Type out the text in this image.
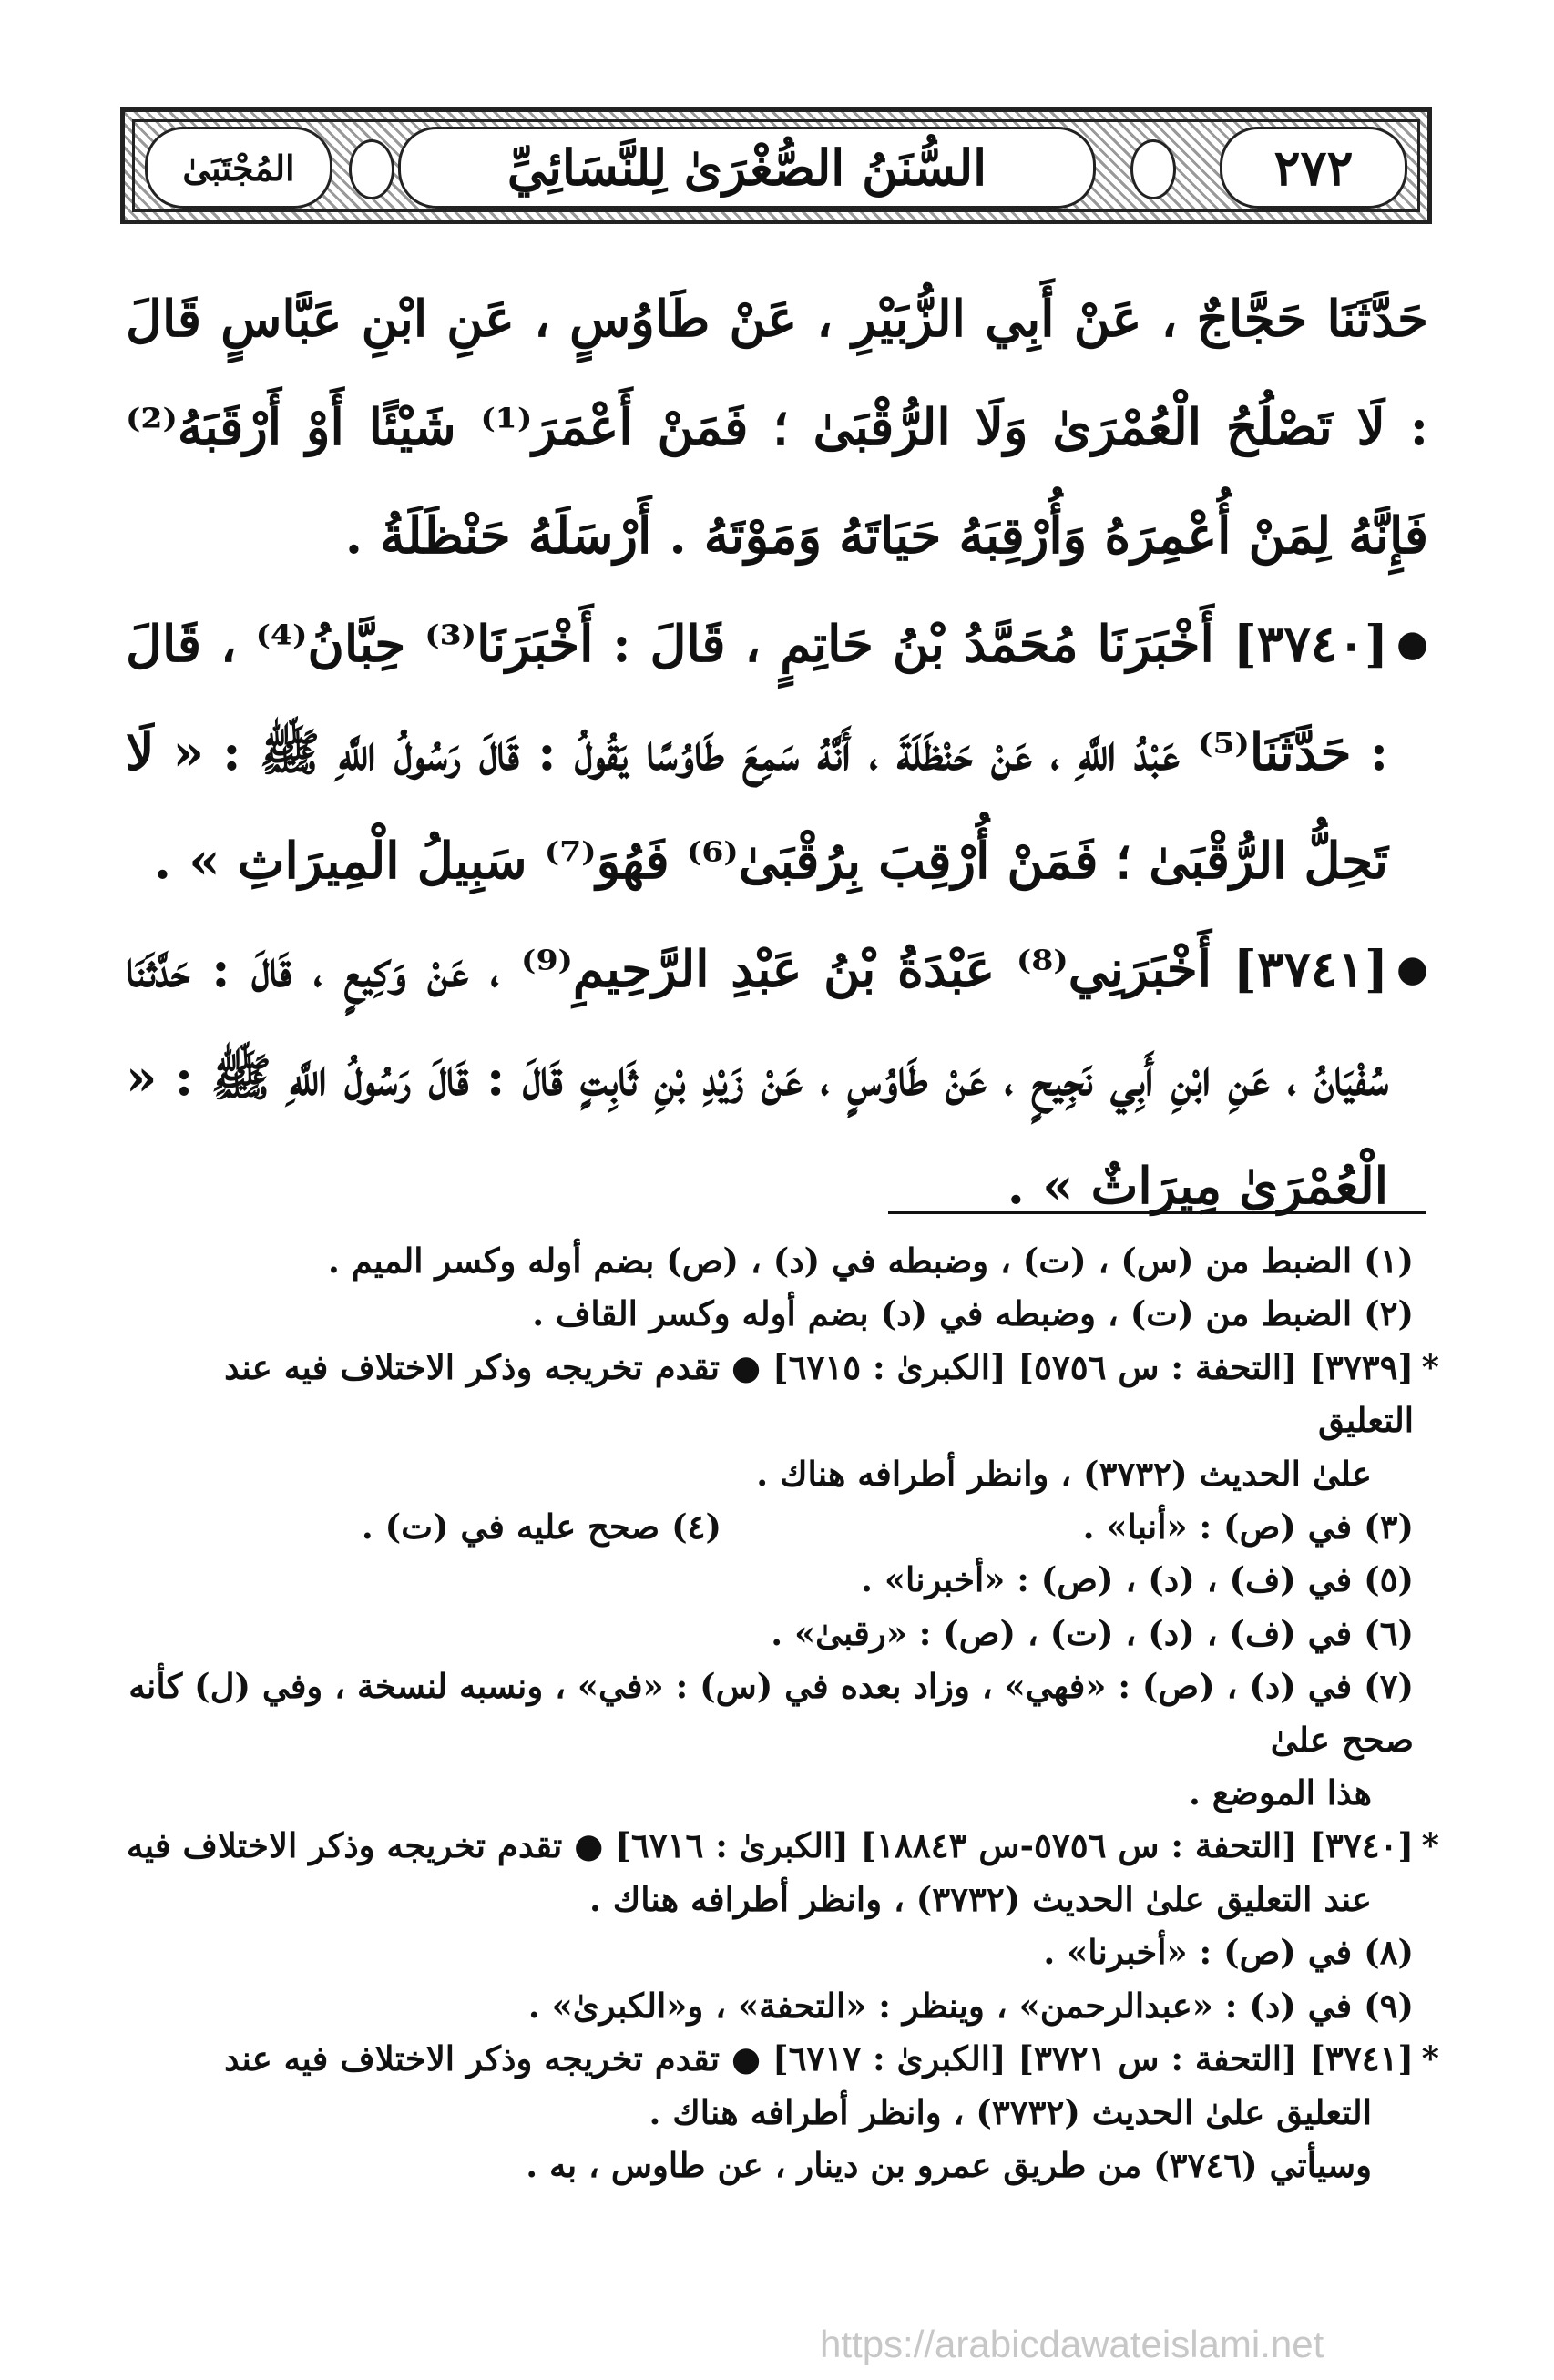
المُجْتَبَىٰ	السُّنَنُ الصُّغْرَىٰ لِلنَّسَائِيِّ	٢٧٢

حَدَّثَنَا حَجَّاجٌ ، عَنْ أَبِي الزُّبَيْرِ ، عَنْ طَاوُسٍ ، عَنِ ابْنِ عَبَّاسٍ قَالَ : لَا تَصْلُحُ الْعُمْرَىٰ وَلَا الرُّقْبَىٰ ؛ فَمَنْ أَعْمَرَ⁽¹⁾ شَيْئًا أَوْ أَرْقَبَهُ⁽²⁾ فَإِنَّهُ لِمَنْ أُعْمِرَهُ وَأُرْقِبَهُ حَيَاتَهُ وَمَوْتَهُ . أَرْسَلَهُ حَنْظَلَةُ .

●
[٣٧٤٠] أَخْبَرَنَا مُحَمَّدُ بْنُ حَاتِمٍ ، قَالَ : أَخْبَرَنَا⁽³⁾ حِبَّانُ⁽⁴⁾ ، قَالَ : حَدَّثَنَا⁽⁵⁾ عَبْدُ اللَّهِ ، عَنْ حَنْظَلَةَ ، أَنَّهُ سَمِعَ طَاوُسًا يَقُولُ : قَالَ رَسُولُ اللَّهِ ﷺ : « لَا تَحِلُّ الرُّقْبَىٰ ؛ فَمَنْ أُرْقِبَ بِرُقْبَىٰ⁽⁶⁾ فَهُوَ⁽⁷⁾ سَبِيلُ الْمِيرَاثِ » .

●
[٣٧٤١] أَخْبَرَنِي⁽⁸⁾ عَبْدَةُ بْنُ عَبْدِ الرَّحِيمِ⁽⁹⁾ ، عَنْ وَكِيعٍ ، قَالَ : حَدَّثَنَا سُفْيَانُ ، عَنِ ابْنِ أَبِي نَجِيحٍ ، عَنْ طَاوُسٍ ، عَنْ زَيْدِ بْنِ ثَابِتٍ قَالَ : قَالَ رَسُولُ اللَّهِ ﷺ : « الْعُمْرَىٰ مِيرَاثٌ » .

(١) الضبط من (س) ، (ت) ، وضبطه في (د) ، (ص) بضم أوله وكسر الميم .

(٢) الضبط من (ت) ، وضبطه في (د) بضم أوله وكسر القاف .

*
[٣٧٣٩] [التحفة : س ٥٧٥٦] [الكبرىٰ : ٦٧١٥] ● تقدم تخريجه وذكر الاختلاف فيه عند التعليق

علىٰ الحديث (٣٧٣٢) ، وانظر أطرافه هناك .

(٣) في (ص) : «أنبا» .
(٤) صحح عليه في (ت) .

(٥) في (ف) ، (د) ، (ص) : «أخبرنا» .

(٦) في (ف) ، (د) ، (ت) ، (ص) : «رقبىٰ» .

(٧) في (د) ، (ص) : «فهي» ، وزاد بعده في (س) : «في» ، ونسبه لنسخة ، وفي (ل) كأنه صحح علىٰ

هذا الموضع .

*
[٣٧٤٠] [التحفة : س ٥٧٥٦-س ١٨٨٤٣] [الكبرىٰ : ٦٧١٦] ● تقدم تخريجه وذكر الاختلاف فيه

عند التعليق علىٰ الحديث (٣٧٣٢) ، وانظر أطرافه هناك .

(٨) في (ص) : «أخبرنا» .

(٩) في (د) : «عبدالرحمن» ، وينظر : «التحفة» ، و«الكبرىٰ» .

*
[٣٧٤١] [التحفة : س ٣٧٢١] [الكبرىٰ : ٦٧١٧] ● تقدم تخريجه وذكر الاختلاف فيه عند

التعليق علىٰ الحديث (٣٧٣٢) ، وانظر أطرافه هناك .

وسيأتي (٣٧٤٦) من طريق عمرو بن دينار ، عن طاوس ، به .

https://arabicdawateislami.net
